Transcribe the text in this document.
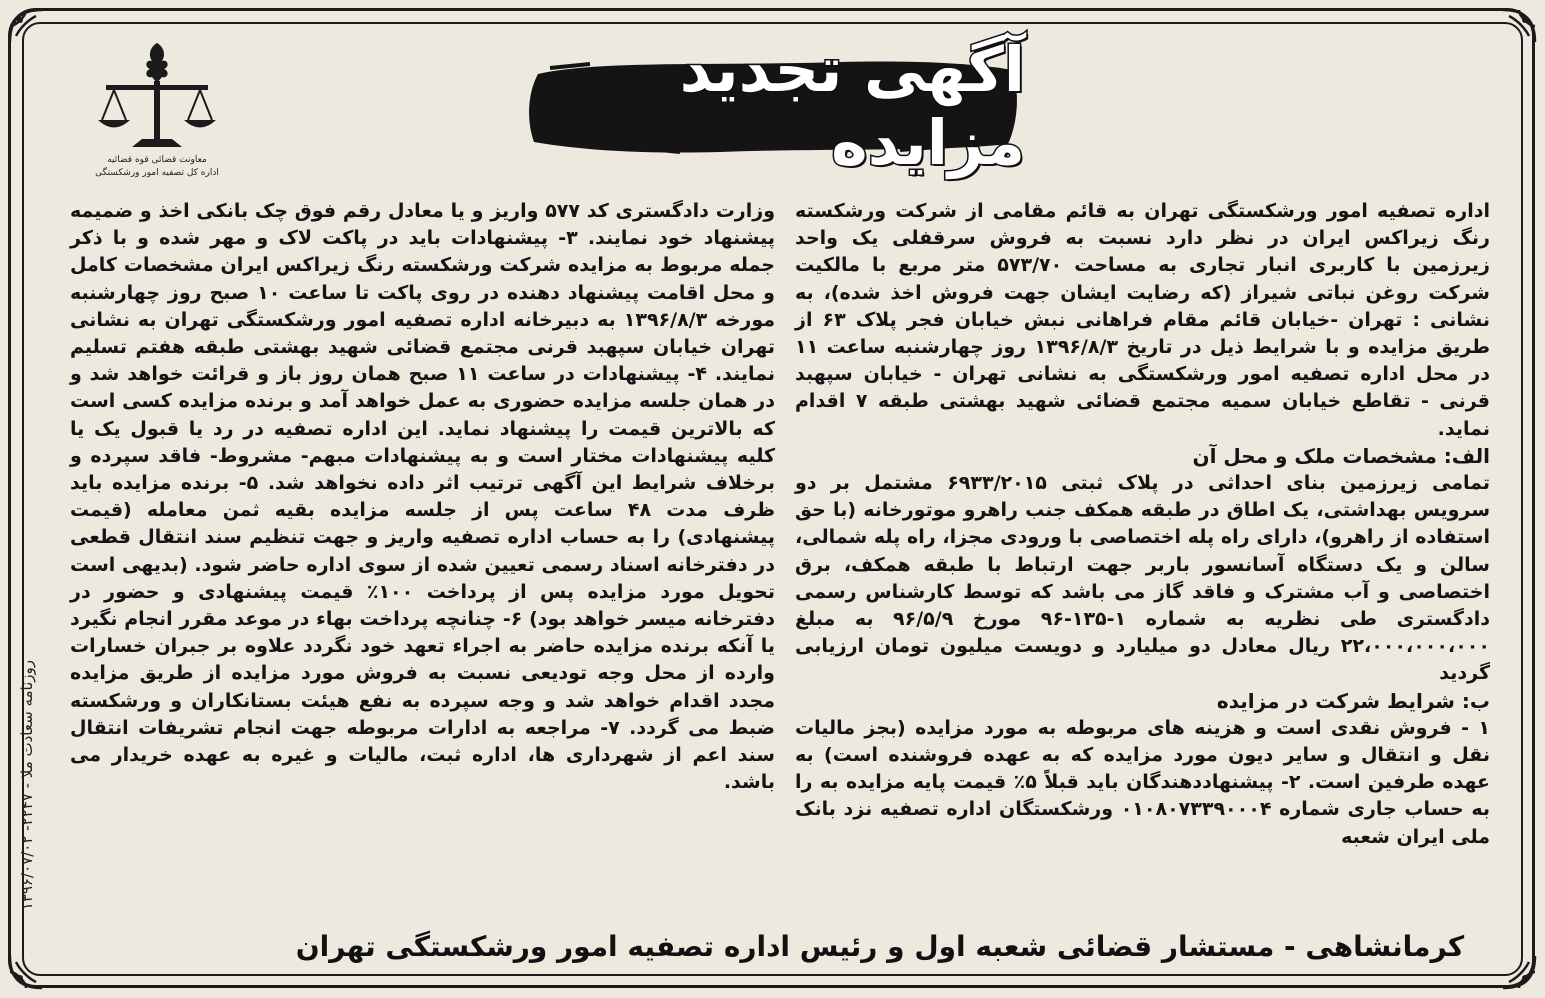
آگهی تجدید مزایده
معاونت قضائی قوه قضائیه
اداره کل تصفیه امور ورشکستگی

اداره تصفیه امور ورشکستگی تهران به قائم مقامی از شرکت ورشکسته رنگ زیراکس ایران در نظر دارد نسبت به فروش سرقفلی یک واحد زیرزمین با کاربری انبار تجاری به مساحت ۵۷۳/۷۰ متر مربع با مالکیت شرکت روغن نباتی شیراز (که رضایت ایشان جهت فروش اخذ شده)، به نشانی : تهران -خیابان قائم مقام فراهانی نبش خیابان فجر پلاک ۶۳ از طریق مزایده و با شرایط ذیل در تاریخ ۱۳۹۶/۸/۳ روز چهارشنبه ساعت ۱۱ در محل اداره تصفیه امور ورشکستگی به نشانی تهران - خیابان سپهبد قرنی - تقاطع خیابان سمیه مجتمع قضائی شهید بهشتی طبقه ۷ اقدام نماید.

الف: مشخصات ملک و محل آن

تمامی زیرزمین بنای احداثی در پلاک ثبتی ۶۹۳۳/۲۰۱۵ مشتمل بر دو سرویس بهداشتی، یک اطاق در طبقه همکف جنب راهرو موتورخانه (با حق استفاده از راهرو)، دارای راه پله اختصاصی با ورودی مجزا، راه پله شمالی، سالن و یک دستگاه آسانسور باربر جهت ارتباط با طبقه همکف، برق اختصاصی و آب مشترک و فاقد گاز می باشد که توسط کارشناس رسمی دادگستری طی نظریه به شماره ۱-۱۳۵-۹۶ مورخ ۹۶/۵/۹ به مبلغ ۲۲،۰۰۰،۰۰۰،۰۰۰ ریال معادل دو میلیارد و دویست میلیون تومان ارزیابی گردید

ب: شرایط شرکت در مزایده

۱ - فروش نقدی است و هزینه های مربوطه به مورد مزایده (بجز مالیات نقل و انتقال و سایر دیون مورد مزایده که به عهده فروشنده است) به عهده طرفین است. ۲- پیشنهاددهندگان باید قبلاً ۵٪ قیمت پایه مزایده به را به حساب جاری شماره ۰۱۰۸۰۷۳۳۹۰۰۰۴ ورشکستگان اداره تصفیه نزد بانک ملی ایران شعبه

وزارت دادگستری کد ۵۷۷ واریز و یا معادل رقم فوق چک بانکی اخذ و ضمیمه پیشنهاد خود نمایند. ۳- پیشنهادات باید در پاکت لاک و مهر شده و با ذکر جمله مربوط به مزایده شرکت ورشکسته رنگ زیراکس ایران مشخصات کامل و محل اقامت پیشنهاد دهنده در روی پاکت تا ساعت ۱۰ صبح روز چهارشنبه مورخه ۱۳۹۶/۸/۳ به دبیرخانه اداره تصفیه امور ورشکستگی تهران به نشانی تهران خیابان سپهبد قرنی مجتمع قضائی شهید بهشتی طبقه هفتم تسلیم نمایند. ۴- پیشنهادات در ساعت ۱۱ صبح همان روز باز و قرائت خواهد شد و در همان جلسه مزایده حضوری به عمل خواهد آمد و برنده مزایده کسی است که بالاترین قیمت را پیشنهاد نماید. این اداره تصفیه در رد یا قبول یک یا کلیه پیشنهادات مختار است و به پیشنهادات مبهم- مشروط- فاقد سپرده و برخلاف شرایط این آگهی ترتیب اثر داده نخواهد شد. ۵- برنده مزایده باید ظرف مدت ۴۸ ساعت پس از جلسه مزایده بقیه ثمن معامله (قیمت پیشنهادی) را به حساب اداره تصفیه واریز و جهت تنظیم سند انتقال قطعی در دفترخانه اسناد رسمی تعیین شده از سوی اداره حاضر شود. (بدیهی است تحویل مورد مزایده پس از پرداخت ۱۰۰٪ قیمت پیشنهادی و حضور در دفترخانه میسر خواهد بود) ۶- چنانچه پرداخت بهاء در موعد مقرر انجام نگیرد یا آنکه برنده مزایده حاضر به اجراء تعهد خود نگردد علاوه بر جبران خسارات وارده از محل وجه تودیعی نسبت به فروش مورد مزایده از طریق مزایده مجدد اقدام خواهد شد و وجه سپرده به نفع هیئت بستانکاران و ورشکسته ضبط می گردد. ۷- مراجعه به ادارات مربوطه جهت انجام تشریفات انتقال سند اعم از شهرداری ها، اداره ثبت، مالیات و غیره به عهده خریدار می باشد.

روزنامه سعادت ملا - ۲۲۴۷- ۱۳۹۶/۰۷/۰۲
کرمانشاهی - مستشار قضائی شعبه اول و رئیس اداره تصفیه امور ورشکستگی تهران
